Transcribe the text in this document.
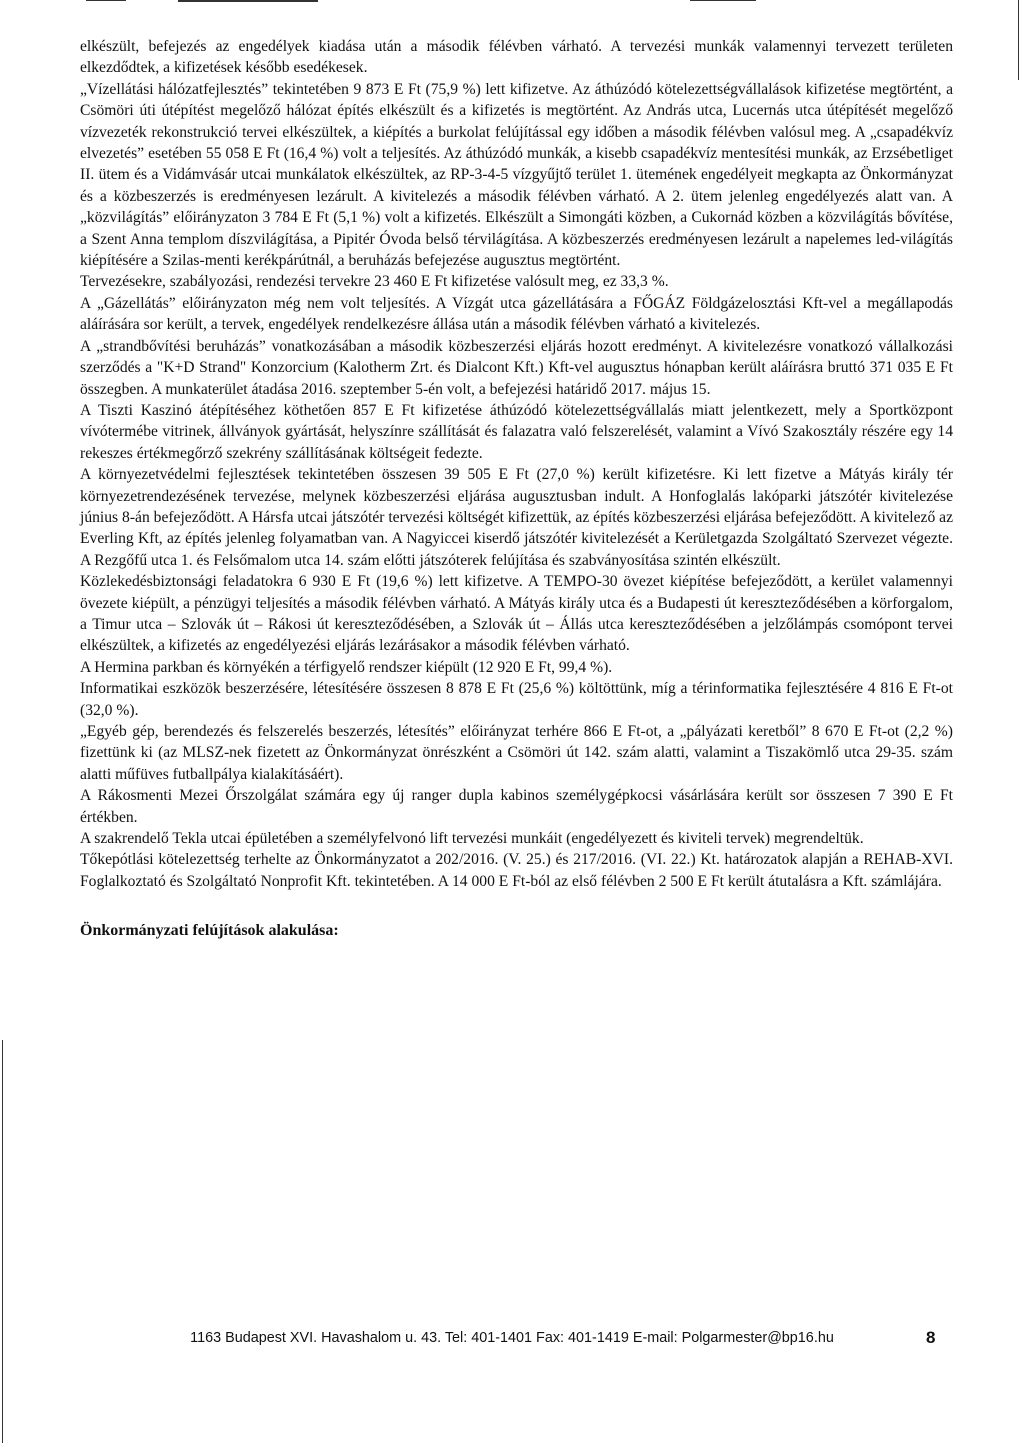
elkészült, befejezés az engedélyek kiadása után a második félévben várható. A tervezési munkák valamennyi tervezett területen elkezdődtek, a kifizetések később esedékesek.

„Vízellátási hálózatfejlesztés” tekintetében 9 873 E Ft (75,9 %) lett kifizetve. Az áthúzódó kötelezettségvállalások kifizetése megtörtént, a Csömöri úti útépítést megelőző hálózat építés elkészült és a kifizetés is megtörtént. Az András utca, Lucernás utca útépítését megelőző vízvezeték rekonstrukció tervei elkészültek, a kiépítés a burkolat felújítással egy időben a második félévben valósul meg. A „csapadékvíz elvezetés” esetében 55 058 E Ft (16,4 %) volt a teljesítés. Az áthúzódó munkák, a kisebb csapadékvíz mentesítési munkák, az Erzsébetliget II. ütem és a Vidámvásár utcai munkálatok elkészültek, az RP-3-4-5 vízgyűjtő terület 1. ütemének engedélyeit megkapta az Önkormányzat és a közbeszerzés is eredményesen lezárult. A kivitelezés a második félévben várható. A 2. ütem jelenleg engedélyezés alatt van. A „közvilágítás” előirányzaton 3 784 E Ft (5,1 %) volt a kifizetés. Elkészült a Simongáti közben, a Cukornád közben a közvilágítás bővítése, a Szent Anna templom díszvilágítása, a Pipitér Óvoda belső térvilágítása. A közbeszerzés eredményesen lezárult a napelemes led-világítás kiépítésére a Szilas-menti kerékpárútnál, a beruházás befejezése augusztus megtörtént.

Tervezésekre, szabályozási, rendezési tervekre 23 460 E Ft kifizetése valósult meg, ez 33,3 %.

A „Gázellátás” előirányzaton még nem volt teljesítés. A Vízgát utca gázellátására a FŐGÁZ Földgázelosztási Kft-vel a megállapodás aláírására sor került, a tervek, engedélyek rendelkezésre állása után a második félévben várható a kivitelezés.

A „strandbővítési beruházás” vonatkozásában a második közbeszerzési eljárás hozott eredményt. A kivitelezésre vonatkozó vállalkozási szerződés a "K+D Strand" Konzorcium (Kalotherm Zrt. és Dialcont Kft.) Kft-vel augusztus hónapban került aláírásra bruttó 371 035 E Ft összegben. A munkaterület átadása 2016. szeptember 5-én volt, a befejezési határidő 2017. május 15.

A Tiszti Kaszinó átépítéséhez köthetően 857 E Ft kifizetése áthúzódó kötelezettségvállalás miatt jelentkezett, mely a Sportközpont vívótermébe vitrinek, állványok gyártását, helyszínre szállítását és falazatra való felszerelését, valamint a Vívó Szakosztály részére egy 14 rekeszes értékmegőrző szekrény szállításának költségeit fedezte.

A környezetvédelmi fejlesztések tekintetében összesen 39 505 E Ft (27,0 %) került kifizetésre. Ki lett fizetve a Mátyás király tér környezetrendezésének tervezése, melynek közbeszerzési eljárása augusztusban indult. A Honfoglalás lakóparki játszótér kivitelezése június 8-án befejeződött. A Hársfa utcai játszótér tervezési költségét kifizettük, az építés közbeszerzési eljárása befejeződött. A kivitelező az Everling Kft, az építés jelenleg folyamatban van. A Nagyiccei kiserdő játszótér kivitelezését a Kerületgazda Szolgáltató Szervezet végezte. A Rezgőfű utca 1. és Felsőmalom utca 14. szám előtti játszóterek felújítása és szabványosítása szintén elkészült.

Közlekedésbiztonsági feladatokra 6 930 E Ft (19,6 %) lett kifizetve. A TEMPO-30 övezet kiépítése befejeződött, a kerület valamennyi övezete kiépült, a pénzügyi teljesítés a második félévben várható. A Mátyás király utca és a Budapesti út kereszteződésében a körforgalom, a Timur utca – Szlovák út – Rákosi út kereszteződésében, a Szlovák út – Állás utca kereszteződésében a jelzőlámpás csomópont tervei elkészültek, a kifizetés az engedélyezési eljárás lezárásakor a második félévben várható.

A Hermina parkban és környékén a térfigyelő rendszer kiépült (12 920 E Ft, 99,4 %).

Informatikai eszközök beszerzésére, létesítésére összesen 8 878 E Ft (25,6 %) költöttünk, míg a térinformatika fejlesztésére 4 816 E Ft-ot (32,0 %).

„Egyéb gép, berendezés és felszerelés beszerzés, létesítés” előirányzat terhére 866 E Ft-ot, a „pályázati keretből” 8 670 E Ft-ot (2,2 %) fizettünk ki (az MLSZ-nek fizetett az Önkormányzat önrészként a Csömöri út 142. szám alatti, valamint a Tiszakömlő utca 29-35. szám alatti műfüves futballpálya kialakításáért).

A Rákosmenti Mezei Őrszolgálat számára egy új ranger dupla kabinos személygépkocsi vásárlására került sor összesen 7 390 E Ft értékben.

A szakrendelő Tekla utcai épületében a személyfelvonó lift tervezési munkáit (engedélyezett és kiviteli tervek) megrendeltük.

Tőkepótlási kötelezettség terhelte az Önkormányzatot a 202/2016. (V. 25.) és 217/2016. (VI. 22.) Kt. határozatok alapján a REHAB-XVI. Foglalkoztató és Szolgáltató Nonprofit Kft. tekintetében. A 14 000 E Ft-ból az első félévben 2 500 E Ft került átutalásra a Kft. számlájára.

Önkormányzati felújítások alakulása:
1163 Budapest XVI. Havashalom u. 43. Tel: 401-1401 Fax: 401-1419 E-mail: Polgarmester@bp16.hu	8
